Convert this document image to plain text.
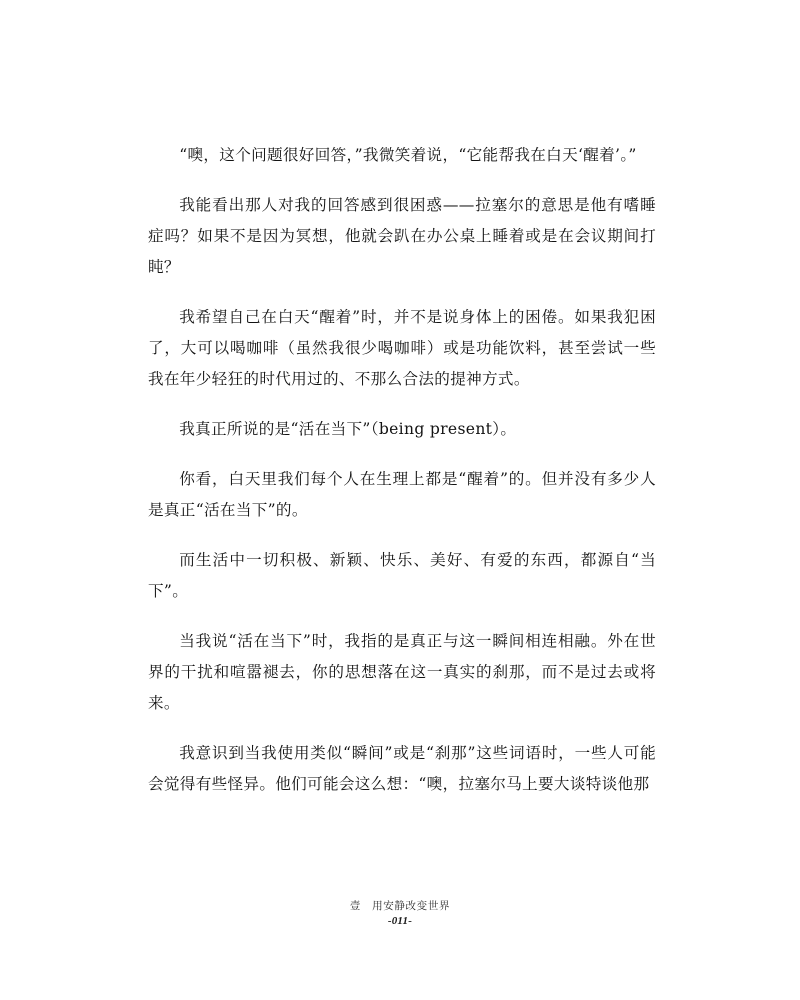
“噢，这个问题很好回答，”我微笑着说，“它能帮我在白天‘醒着’。”

我能看出那人对我的回答感到很困惑——拉塞尔的意思是他有嗜睡症吗？如果不是因为冥想，他就会趴在办公桌上睡着或是在会议期间打盹？

我希望自己在白天“醒着”时，并不是说身体上的困倦。如果我犯困了，大可以喝咖啡（虽然我很少喝咖啡）或是功能饮料，甚至尝试一些我在年少轻狂的时代用过的、不那么合法的提神方式。

我真正所说的是“活在当下”（being present）。

你看，白天里我们每个人在生理上都是“醒着”的。但并没有多少人是真正“活在当下”的。

而生活中一切积极、新颖、快乐、美好、有爱的东西，都源自“当下”。

当我说“活在当下”时，我指的是真正与这一瞬间相连相融。外在世界的干扰和喧嚣褪去，你的思想落在这一真实的刹那，而不是过去或将来。

我意识到当我使用类似“瞬间”或是“刹那”这些词语时，一些人可能会觉得有些怪异。他们可能会这么想：“噢，拉塞尔马上要大谈特谈他那

壹　用安静改变世界
-011-
